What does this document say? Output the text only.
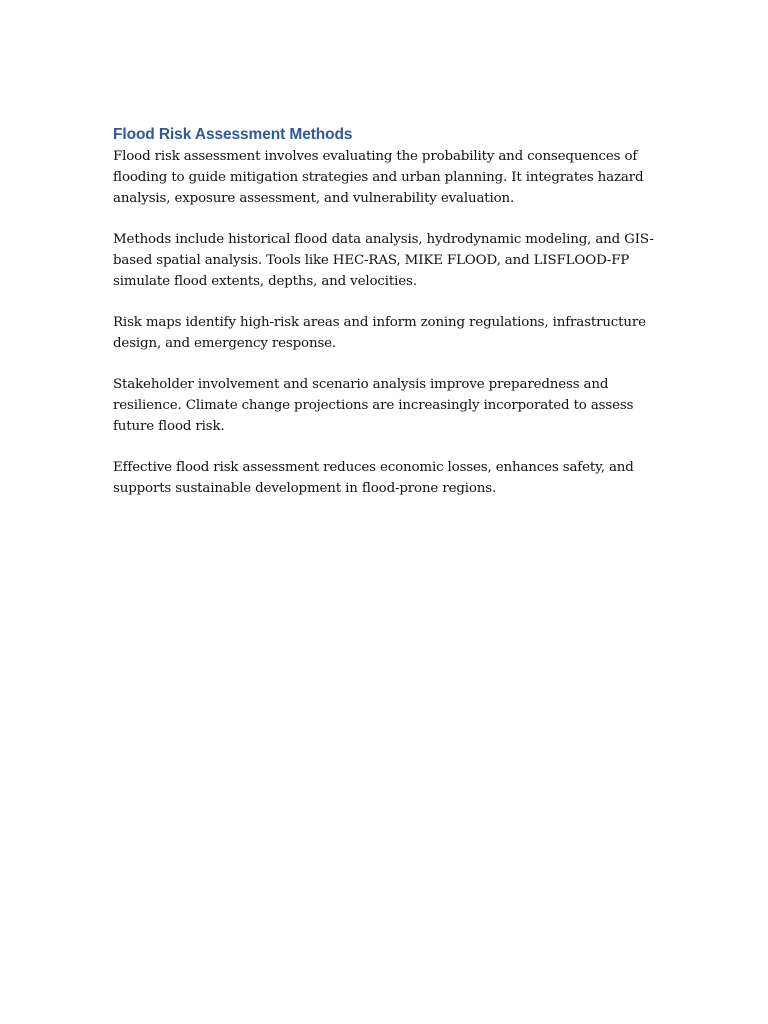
Flood Risk Assessment Methods

Flood risk assessment involves evaluating the probability and consequences of flooding to guide mitigation strategies and urban planning. It integrates hazard analysis, exposure assessment, and vulnerability evaluation.

Methods include historical flood data analysis, hydrodynamic modeling, and GIS-based spatial analysis. Tools like HEC-RAS, MIKE FLOOD, and LISFLOOD-FP simulate flood extents, depths, and velocities.

Risk maps identify high-risk areas and inform zoning regulations, infrastructure design, and emergency response.

Stakeholder involvement and scenario analysis improve preparedness and resilience. Climate change projections are increasingly incorporated to assess future flood risk.

Effective flood risk assessment reduces economic losses, enhances safety, and supports sustainable development in flood-prone regions.
